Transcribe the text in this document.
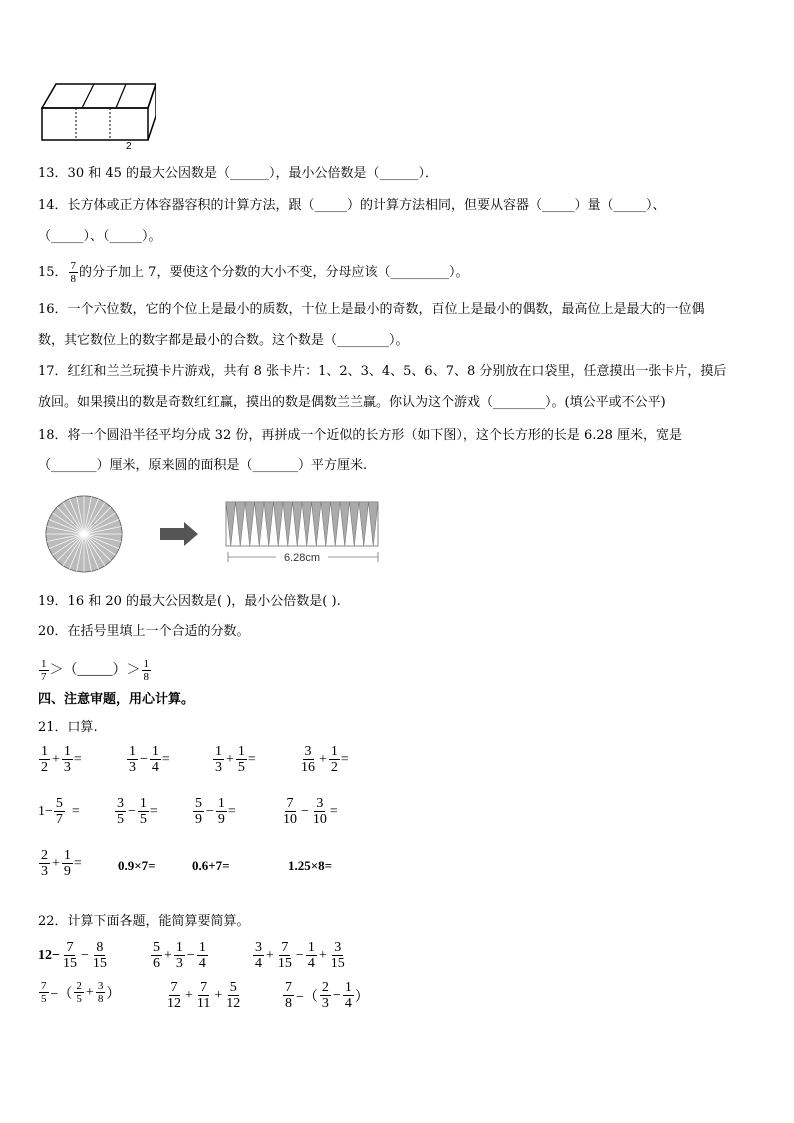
2
13．30 和 45 的最大公因数是（______），最小公倍数是（______）．
14．长方体或正方体容器容积的计算方法，跟（_____）的计算方法相同，但要从容器（_____）量（_____）、
（_____）、（_____）。
15． $\frac{7}{8}$ 的分子加上 7，要使这个分数的大小不变，分母应该（_________）。
16．一个六位数，它的个位上是最小的质数，十位上是最小的奇数，百位上是最小的偶数，最高位上是最大的一位偶
数，其它数位上的数字都是最小的合数。这个数是（________）。
17．红红和兰兰玩摸卡片游戏，共有 8 张卡片：1、2、3、4、5、6、7、8 分别放在口袋里，任意摸出一张卡片，摸后
放回。如果摸出的数是奇数红红赢，摸出的数是偶数兰兰赢。你认为这个游戏（________）。(填公平或不公平)
18．将一个圆沿半径平均分成 32 份，再拼成一个近似的长方形（如下图），这个长方形的长是 6.28 厘米，宽是
（_______）厘米，原来圆的面积是（_______）平方厘米.
6.28cm
19．16 和 20 的最大公因数是( )，最小公倍数是( ).
20．在括号里填上一个合适的分数。
$\frac{1}{7}$ ＞（_____）＞ $\frac{1}{8}$
四、注意审题，用心计算。
21．口算.
$\frac{1}{2} + \frac{1}{3}$ =	$\frac{1}{3} - \frac{1}{4}$ =	$\frac{1}{3} + \frac{1}{5}$ =	$\frac{3}{16} + \frac{1}{2}$ =
$1- \frac{5}{7}$ =	$\frac{3}{5} - \frac{1}{5}$ =	$\frac{5}{9} - \frac{1}{9}$ =	$\frac{7}{10} - \frac{3}{10}$ =
$\frac{2}{3} + \frac{1}{9}$ =	0.9×7=	0.6+7=	1.25×8=
22．计算下面各题，能简算要简算。
$12- \frac{7}{15} - \frac{8}{15}$	$\frac{5}{6} + \frac{1}{3} - \frac{1}{4}$	$\frac{3}{4} + \frac{7}{15} - \frac{1}{4} + \frac{3}{15}$
$\frac{7}{5}$ −（ $\frac{2}{5} + \frac{3}{8}$ ）	$\frac{7}{12} + \frac{7}{11} + \frac{5}{12}$	$\frac{7}{8}$ −（ $\frac{2}{3} - \frac{1}{4}$ ）
